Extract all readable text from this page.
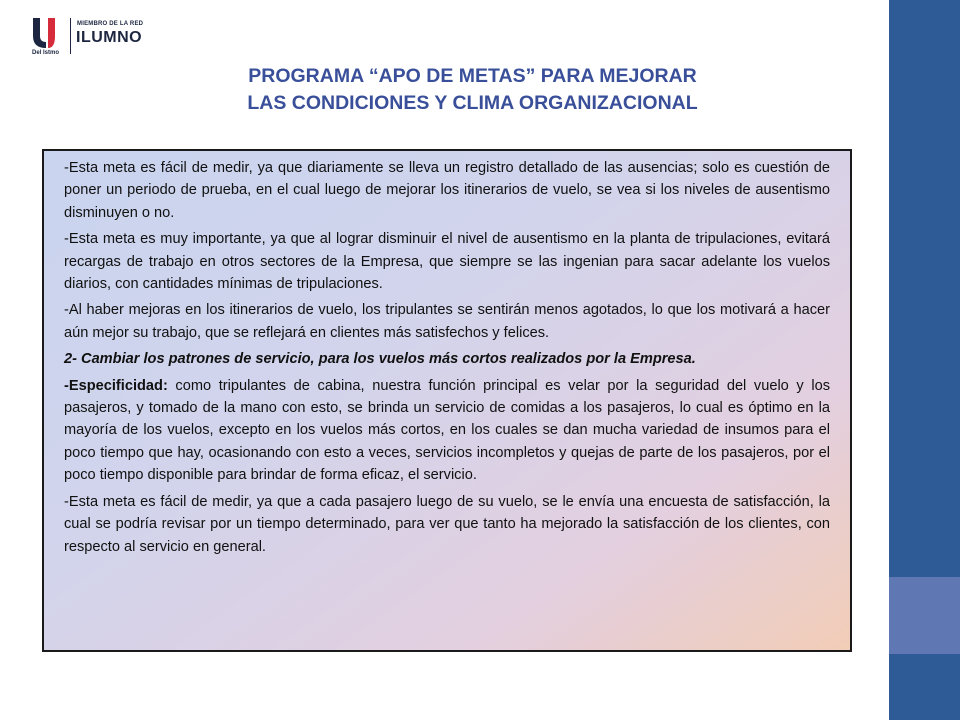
Del Istmo
MIEMBRO DE LA RED
ILUMNO
PROGRAMA “APO DE METAS” PARA MEJORAR
LAS CONDICIONES Y CLIMA ORGANIZACIONAL

-Esta meta es fácil de medir, ya que diariamente se lleva un registro detallado de las ausencias; solo es cuestión de poner un periodo de prueba, en el cual luego de mejorar los itinerarios de vuelo, se vea si los niveles de ausentismo disminuyen o no.

-Esta meta es muy importante, ya que al lograr disminuir el nivel de ausentismo en la planta de tripulaciones, evitará recargas de trabajo en otros sectores de la Empresa, que siempre se las ingenian para sacar adelante los vuelos diarios, con cantidades mínimas de tripulaciones.

-Al haber mejoras en los itinerarios de vuelo, los tripulantes se sentirán menos agotados, lo que los motivará a hacer aún mejor su trabajo, que se reflejará en clientes más satisfechos y felices.

2- Cambiar los patrones de servicio, para los vuelos más cortos realizados por la Empresa.

-Especificidad: como tripulantes de cabina, nuestra función principal es velar por la seguridad del vuelo y los pasajeros, y tomado de la mano con esto, se brinda un servicio de comidas a los pasajeros, lo cual es óptimo en la mayoría de los vuelos, excepto en los vuelos más cortos, en los cuales se dan mucha variedad de insumos para el poco tiempo que hay, ocasionando con esto a veces, servicios incompletos y quejas de parte de los pasajeros, por el poco tiempo disponible para brindar de forma eficaz, el servicio.

-Esta meta es fácil de medir, ya que a cada pasajero luego de su vuelo, se le envía una encuesta de satisfacción, la cual se podría revisar por un tiempo determinado, para ver que tanto ha mejorado la satisfacción de los clientes, con respecto al servicio en general.
